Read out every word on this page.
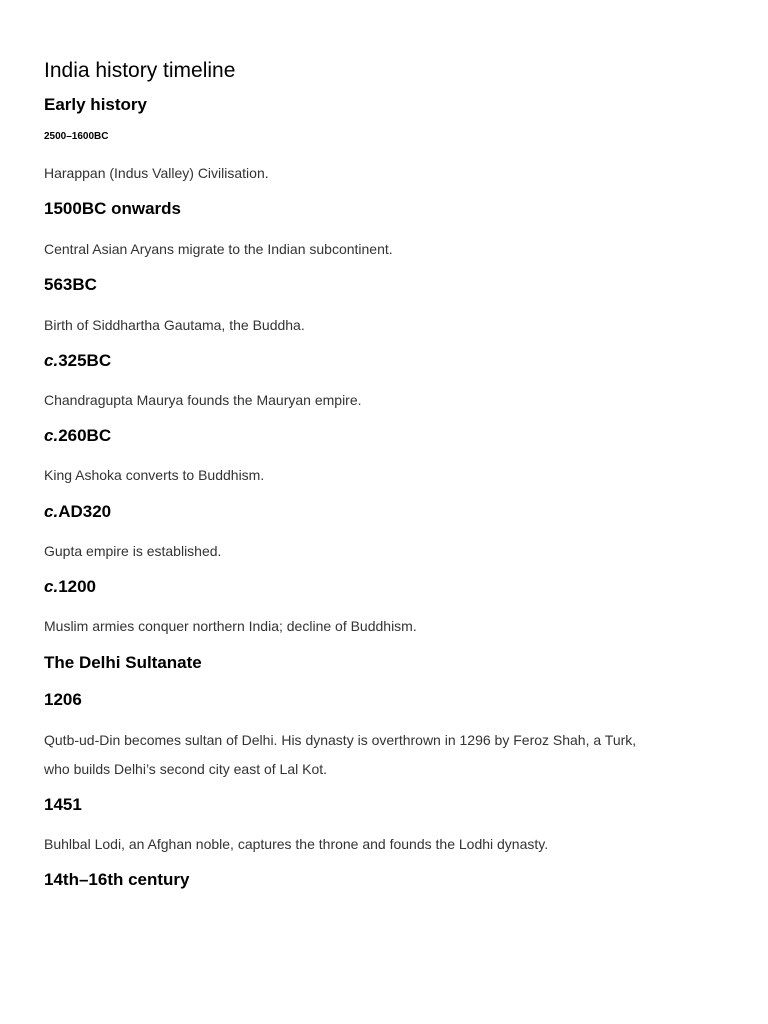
India history timeline
Early history
2500–1600BC
Harappan (Indus Valley) Civilisation.
1500BC onwards
Central Asian Aryans migrate to the Indian subcontinent.
563BC
Birth of Siddhartha Gautama, the Buddha.
c.325BC
Chandragupta Maurya founds the Mauryan empire.
c.260BC
King Ashoka converts to Buddhism.
c.AD320
Gupta empire is established.
c.1200
Muslim armies conquer northern India; decline of Buddhism.
The Delhi Sultanate
1206
Qutb-ud-Din becomes sultan of Delhi. His dynasty is overthrown in 1296 by Feroz Shah, a Turk,
who builds Delhi’s second city east of Lal Kot.
1451
Buhlbal Lodi, an Afghan noble, captures the throne and founds the Lodhi dynasty.
14th–16th century
